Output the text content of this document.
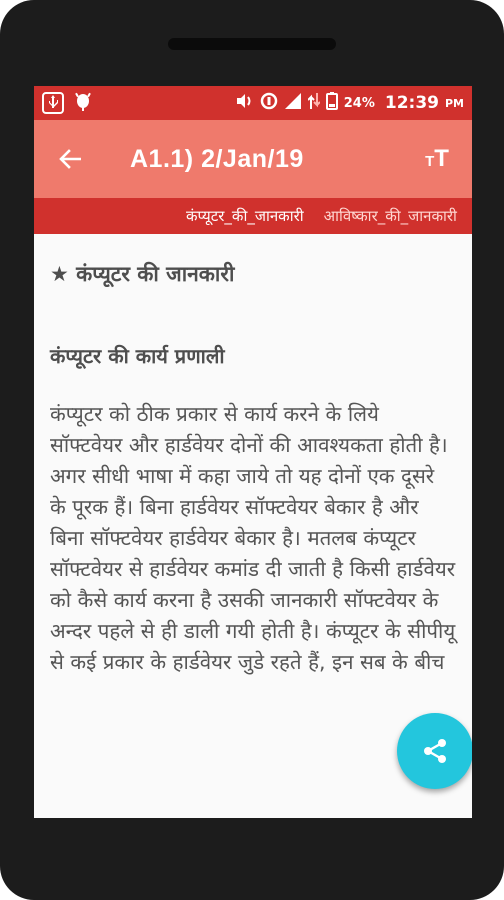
24% 12:39 PM
A1.1) 2/Jan/19	TT
कंप्यूटर_की_जानकारी	आविष्कार_की_जानकारी
★ कंप्यूटर की जानकारी
कंप्यूटर की कार्य प्रणाली
कंप्यूटर को ठीक प्रकार से कार्य करने के लिये सॉफ्टवेयर और हार्डवेयर दोनों की आवश्यकता होती है। अगर सीधी भाषा में कहा जाये तो यह दोनों एक दूसरे के पूरक हैं। बिना हार्डवेयर सॉफ्टवेयर बेकार है और बिना सॉफ्टवेयर हार्डवेयर बेकार है। मतलब कंप्यूटर सॉफ्टवेयर से हार्डवेयर कमांड दी जाती है किसी हार्डवेयर को कैसे कार्य करना है उसकी जानकारी सॉफ्टवेयर के अन्दर पहले से ही डाली गयी होती है। कंप्यूटर के सीपीयू से कई प्रकार के हार्डवेयर जुडे रहते हैं, इन सब के बीच
